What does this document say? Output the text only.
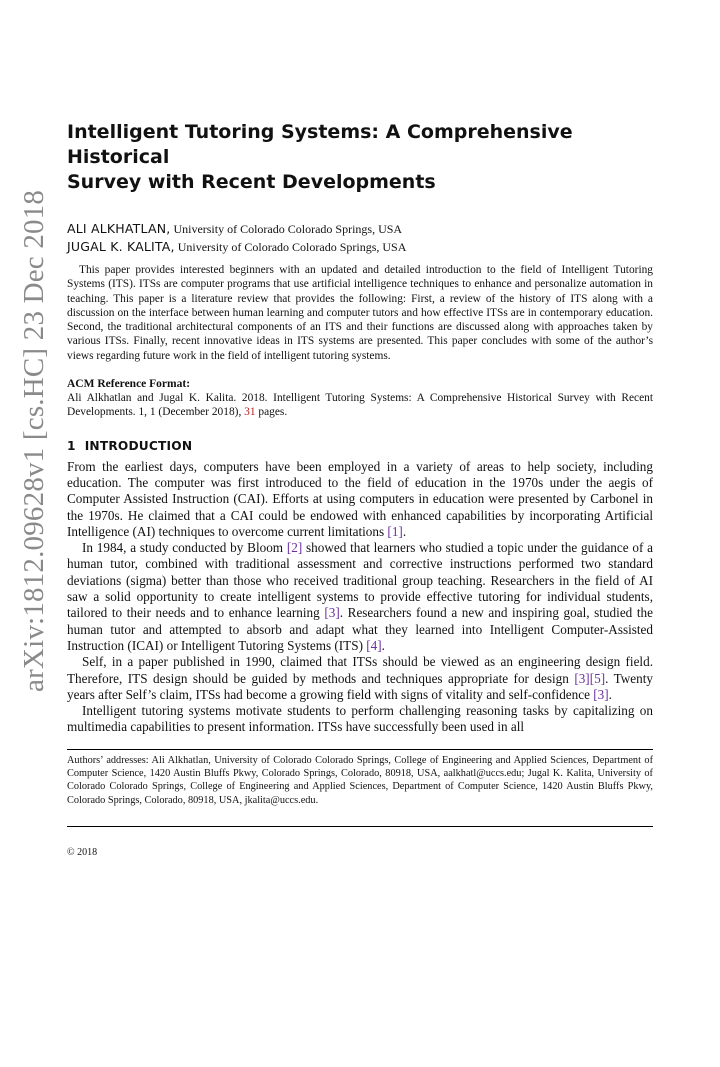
arXiv:1812.09628v1 [cs.HC] 23 Dec 2018
Intelligent Tutoring Systems: A Comprehensive Historical
Survey with Recent Developments
ALI ALKHATLAN, University of Colorado Colorado Springs, USA
JUGAL K. KALITA, University of Colorado Colorado Springs, USA
This paper provides interested beginners with an updated and detailed introduction to the field of Intelligent Tutoring Systems (ITS). ITSs are computer programs that use artificial intelligence techniques to enhance and personalize automation in teaching. This paper is a literature review that provides the following: First, a review of the history of ITS along with a discussion on the interface between human learning and computer tutors and how effective ITSs are in contemporary education. Second, the traditional architectural components of an ITS and their functions are discussed along with approaches taken by various ITSs. Finally, recent innovative ideas in ITS systems are presented. This paper concludes with some of the author’s views regarding future work in the field of intelligent tutoring systems.
ACM Reference Format:
Ali Alkhatlan and Jugal K. Kalita. 2018. Intelligent Tutoring Systems: A Comprehensive Historical Survey with Recent Developments. 1, 1 (December 2018), 31 pages.
1 INTRODUCTION

From the earliest days, computers have been employed in a variety of areas to help society, including education. The computer was first introduced to the field of education in the 1970s under the aegis of Computer Assisted Instruction (CAI). Efforts at using computers in education were presented by Carbonel in the 1970s. He claimed that a CAI could be endowed with enhanced capabilities by incorporating Artificial Intelligence (AI) techniques to overcome current limitations [1].

In 1984, a study conducted by Bloom [2] showed that learners who studied a topic under the guidance of a human tutor, combined with traditional assessment and corrective instructions performed two standard deviations (sigma) better than those who received traditional group teaching. Researchers in the field of AI saw a solid opportunity to create intelligent systems to provide effective tutoring for individual students, tailored to their needs and to enhance learning [3]. Researchers found a new and inspiring goal, studied the human tutor and attempted to absorb and adapt what they learned into Intelligent Computer-Assisted Instruction (ICAI) or Intelligent Tutoring Systems (ITS) [4].

Self, in a paper published in 1990, claimed that ITSs should be viewed as an engineering design field. Therefore, ITS design should be guided by methods and techniques appropriate for design [3][5]. Twenty years after Self’s claim, ITSs had become a growing field with signs of vitality and self-confidence [3].

Intelligent tutoring systems motivate students to perform challenging reasoning tasks by capitalizing on multimedia capabilities to present information. ITSs have successfully been used in all

Authors’ addresses: Ali Alkhatlan, University of Colorado Colorado Springs, College of Engineering and Applied Sciences, Department of Computer Science, 1420 Austin Bluffs Pkwy, Colorado Springs, Colorado, 80918, USA, aalkhatl@uccs.edu; Jugal K. Kalita, University of Colorado Colorado Springs, College of Engineering and Applied Sciences, Department of Computer Science, 1420 Austin Bluffs Pkwy, Colorado Springs, Colorado, 80918, USA, jkalita@uccs.edu.
© 2018
